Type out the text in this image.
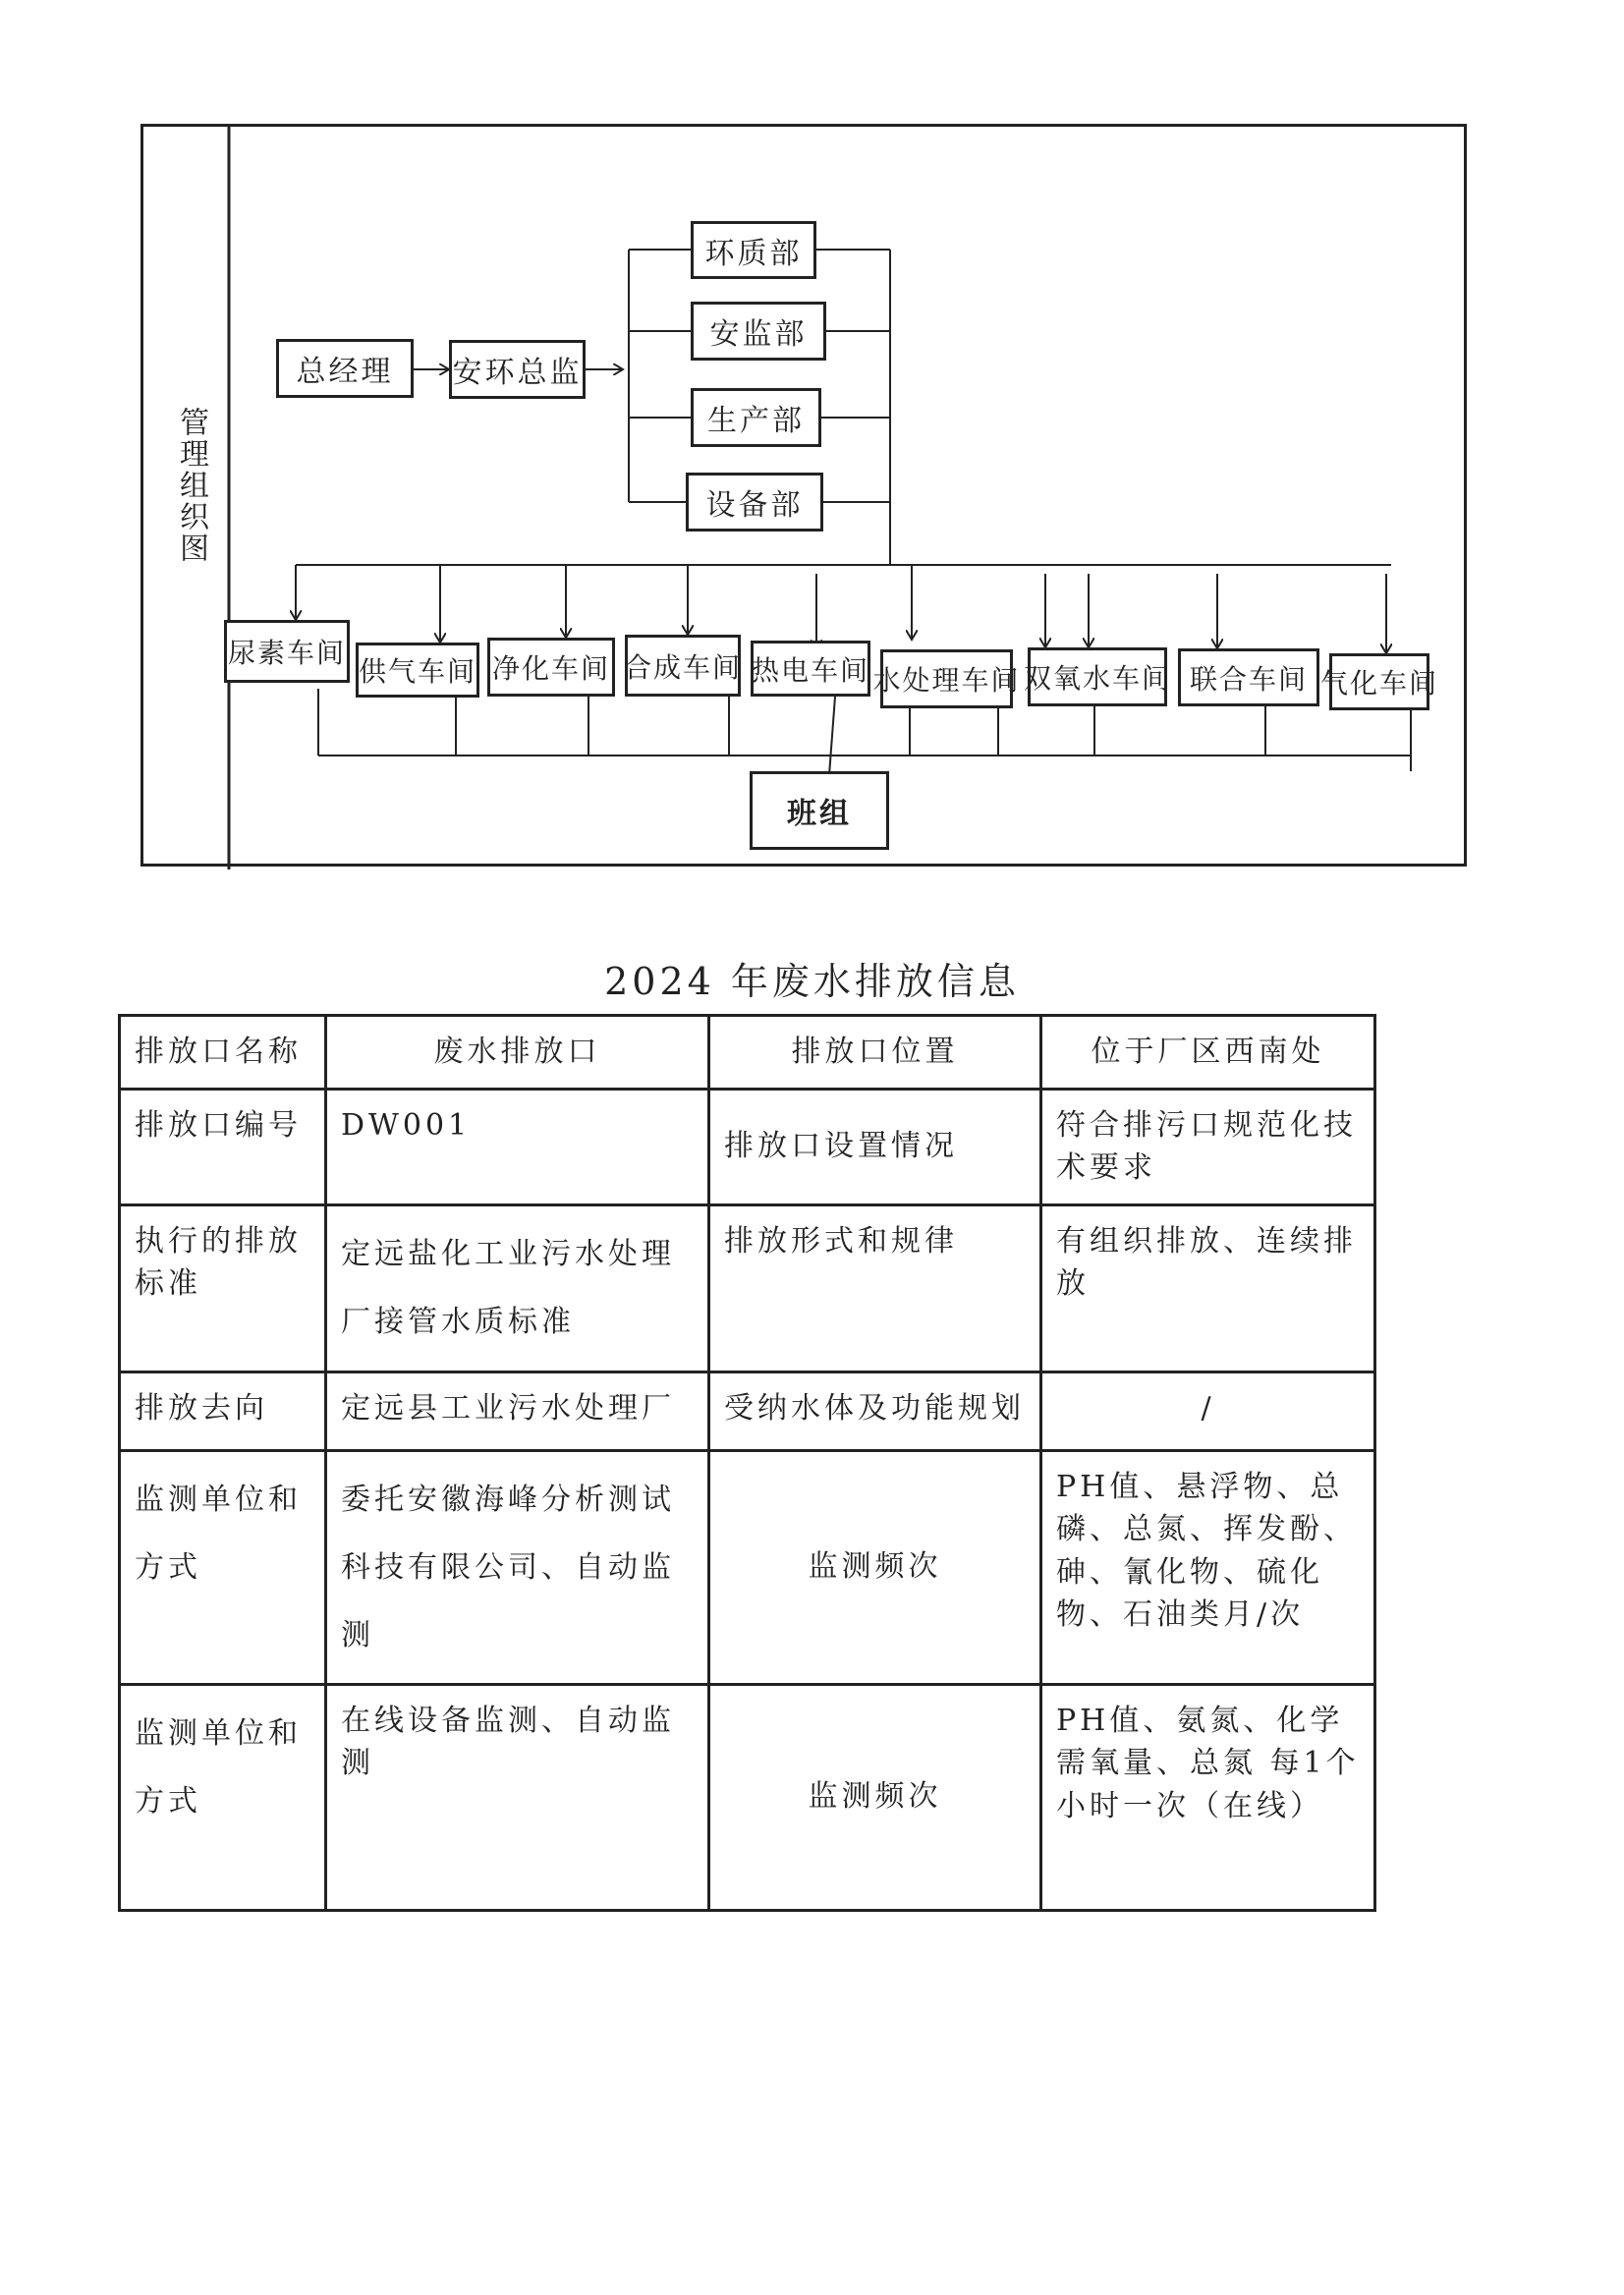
管理组织图
总经理	安环总监
环质部
安监部
生产部
设备部
尿素车间
供气车间 净化车间 合成车间 热电车间 水处理车间 双氧水车间 联合车间 气化车间
班组
2024 年废水排放信息
排放口名称	废水排放口	排放口位置	位于厂区西南处
排放口编号	DW001	排放口设置情况	符合排污口规范化技术要求
执行的排放标准	定远盐化工业污水处理厂接管水质标准	排放形式和规律	有组织排放、连续排放
排放去向	定远县工业污水处理厂	受纳水体及功能规划	/
监测单位和方式	委托安徽海峰分析测试科技有限公司、自动监测	监测频次	PH值、悬浮物、总磷、总氮、挥发酚、砷、氰化物、硫化物、石油类月/次
监测单位和方式	在线设备监测、自动监测	监测频次	PH值、氨氮、化学需氧量、总氮 每1个小时一次（在线）
